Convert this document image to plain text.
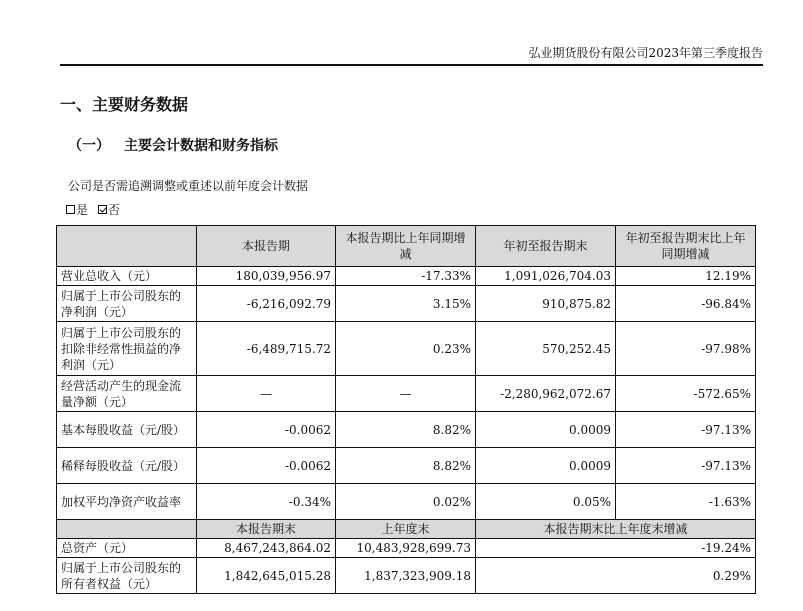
弘业期货股份有限公司2023年第三季度报告
一、主要财务数据
（一） 主要会计数据和财务指标
公司是否需追溯调整或重述以前年度会计数据
是 否
	本报告期	本报告期比上年同期增减	年初至报告期末	年初至报告期末比上年同期增减
营业总收入（元）	180,039,956.97	-17.33%	1,091,026,704.03	12.19%
归属于上市公司股东的净利润（元）	-6,216,092.79	3.15%	910,875.82	-96.84%
归属于上市公司股东的扣除非经常性损益的净利润（元）	-6,489,715.72	0.23%	570,252.45	-97.98%
经营活动产生的现金流量净额（元）	—	—	-2,280,962,072.67	-572.65%
基本每股收益（元/股）	-0.0062	8.82%	0.0009	-97.13%
稀释每股收益（元/股）	-0.0062	8.82%	0.0009	-97.13%
加权平均净资产收益率	-0.34%	0.02%	0.05%	-1.63%
	本报告期末	上年度末	本报告期末比上年度末增减	
总资产（元）	8,467,243,864.02	10,483,928,699.73	-19.24%	
归属于上市公司股东的所有者权益（元）	1,842,645,015.28	1,837,323,909.18	0.29%	
